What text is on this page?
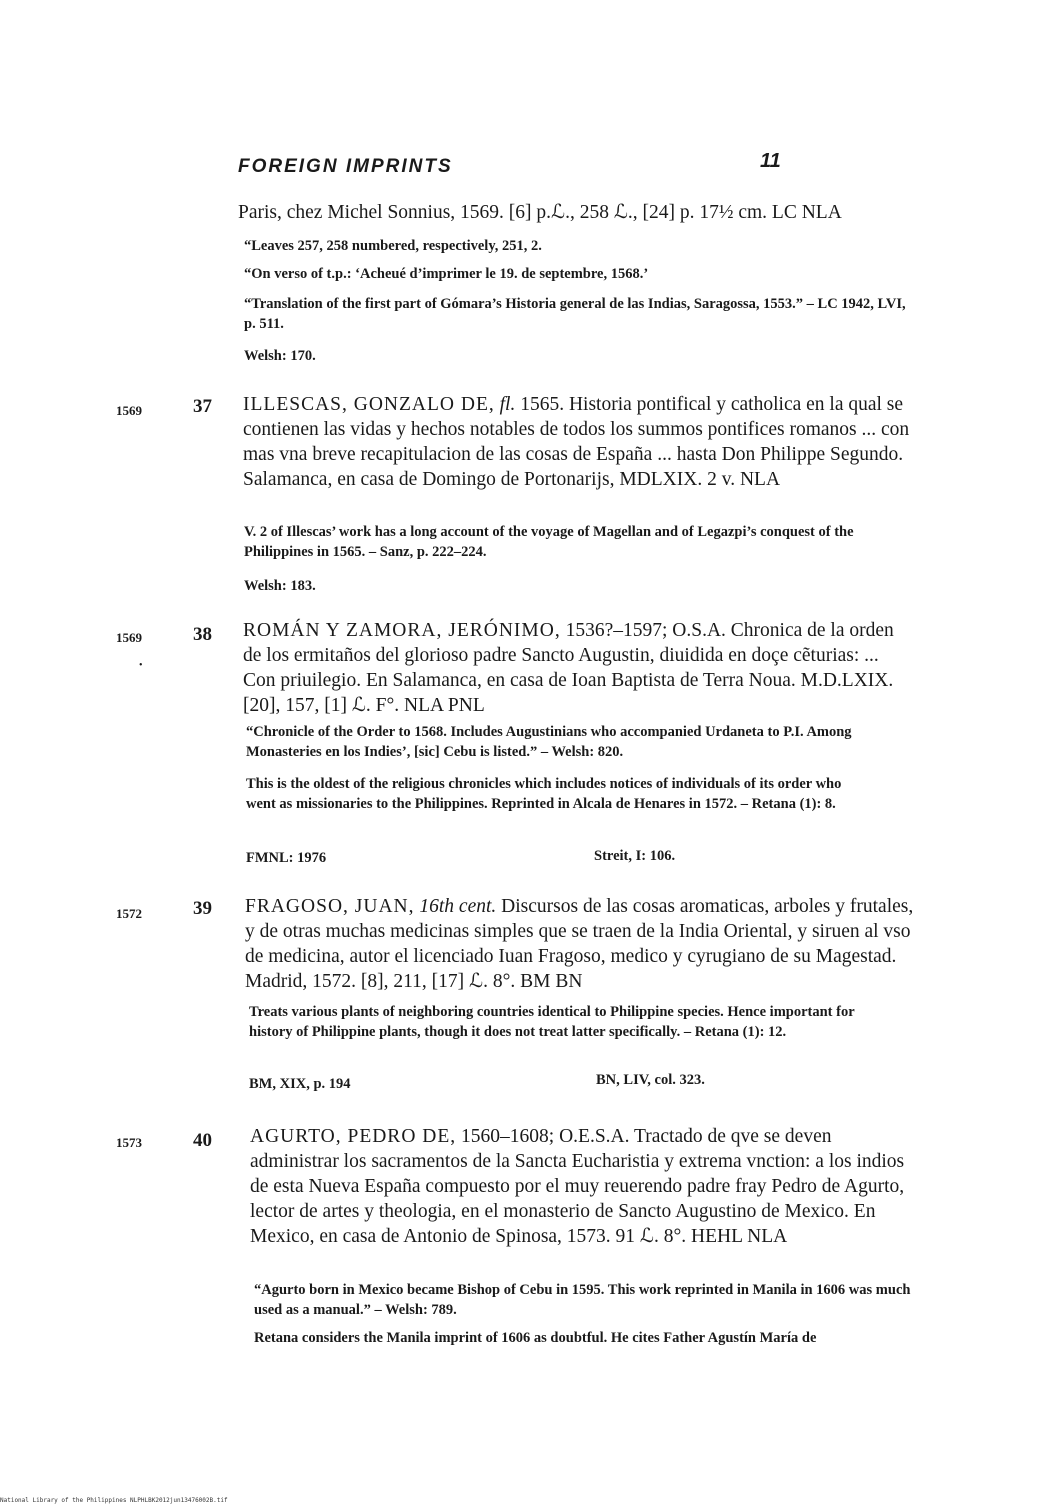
FOREIGN IMPRINTS	11
Paris, chez Michel Sonnius, 1569. [6] p.ℒ., 258 ℒ., [24] p. 17½ cm. LC NLA
“Leaves 257, 258 numbered, respectively, 251, 2.
“On verso of t.p.: ‘Acheué d’imprimer le 19. de septembre, 1568.’
“Translation of the first part of Gómara’s Historia general de las Indias, Saragossa, 1553.” – LC 1942, LVI, p. 511.
Welsh: 170.
1569	37 ILLESCAS, GONZALO DE, fl. 1565. Historia pontifical y catholica en la qual se contienen las vidas y hechos notables de todos los summos pontifices romanos ... con mas vna breve recapitulacion de las cosas de España ... hasta Don Philippe Segundo. Salamanca, en casa de Domingo de Portonarijs, MDLXIX. 2 v. NLA
V. 2 of Illescas’ work has a long account of the voyage of Magellan and of Legazpi’s conquest of the Philippines in 1565. – Sanz, p. 222–224.
Welsh: 183.
1569
•
38 ROMÁN Y ZAMORA, JERÓNIMO, 1536?–1597; O.S.A. Chronica de la orden de los ermitaños del glorioso padre Sancto Augustin, diuidida en doçe cẽturias: ... Con priuilegio. En Salamanca, en casa de Ioan Baptista de Terra Noua. M.D.LXIX. [20], 157, [1] ℒ. F°. NLA PNL
“Chronicle of the Order to 1568. Includes Augustinians who accompanied Urdaneta to P.I. Among Monasteries en los Indies’, [sic] Cebu is listed.” – Welsh: 820.
This is the oldest of the religious chronicles which includes notices of individuals of its order who went as missionaries to the Philippines. Reprinted in Alcala de Henares in 1572. – Retana (1): 8.
FMNL: 1976	Streit, I: 106.
1572	39 FRAGOSO, JUAN, 16th cent. Discursos de las cosas aromaticas, arboles y frutales, y de otras muchas medicinas simples que se traen de la India Oriental, y siruen al vso de medicina, autor el licenciado Iuan Fragoso, medico y cyrugiano de su Magestad. Madrid, 1572. [8], 211, [17] ℒ. 8°. BM BN
Treats various plants of neighboring countries identical to Philippine species. Hence important for history of Philippine plants, though it does not treat latter specifically. – Retana (1): 12.
BM, XIX, p. 194	BN, LIV, col. 323.
1573	40 AGURTO, PEDRO DE, 1560–1608; O.E.S.A. Tractado de qve se deven administrar los sacramentos de la Sancta Eucharistia y extrema vnction: a los indios de esta Nueva España compuesto por el muy reuerendo padre fray Pedro de Agurto, lector de artes y theologia, en el monasterio de Sancto Augustino de Mexico. En Mexico, en casa de Antonio de Spinosa, 1573. 91 ℒ. 8°. HEHL NLA
“Agurto born in Mexico became Bishop of Cebu in 1595. This work reprinted in Manila in 1606 was much used as a manual.” – Welsh: 789.
Retana considers the Manila imprint of 1606 as doubtful. He cites Father Agustín María de
National Library of the Philippines NLPHLBK2012jun13476002B.tif
